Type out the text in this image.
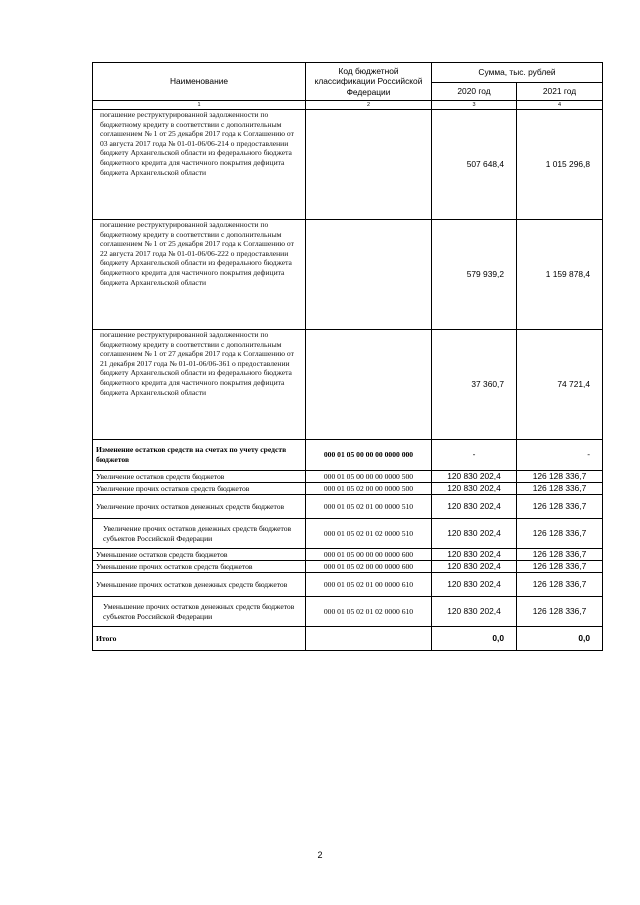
Наименование	Код бюджетной классификации Российской Федерации	Сумма, тыс. рублей	
		2020 год	2021 год
1	2	3	4
погашение реструктурированной задолженности по бюджетному кредиту в соответствии с дополнительным соглашением № 1 от 25 декабря 2017 года к Соглашению от 03 августа 2017 года № 01-01-06/06-214 о предоставлении бюджету Архангельской области из федерального бюджета бюджетного кредита для частичного покрытия дефицита бюджета Архангельской области		507 648,4	1 015 296,8
погашение реструктурированной задолженности по бюджетному кредиту в соответствии с дополнительным соглашением № 1 от 25 декабря 2017 года к Соглашению от 22 августа 2017 года № 01-01-06/06-222 о предоставлении бюджету Архангельской области из федерального бюджета бюджетного кредита для частичного покрытия дефицита бюджета Архангельской области		579 939,2	1 159 878,4
погашение реструктурированной задолженности по бюджетному кредиту в соответствии с дополнительным соглашением № 1 от 27 декабря 2017 года к Соглашению от 21 декабря 2017 года № 01-01-06/06-361 о предоставлении бюджету Архангельской области из федерального бюджета бюджетного кредита для частичного покрытия дефицита бюджета Архангельской области		37 360,7	74 721,4
Изменение остатков средств на счетах по учету средств бюджетов	000 01 05 00 00 00 0000 000	-	-
Увеличение остатков средств бюджетов	000 01 05 00 00 00 0000 500	120 830 202,4	126 128 336,7
Увеличение прочих остатков средств бюджетов	000 01 05 02 00 00 0000 500	120 830 202,4	126 128 336,7
Увеличение прочих остатков денежных средств бюджетов	000 01 05 02 01 00 0000 510	120 830 202,4	126 128 336,7
Увеличение прочих остатков денежных средств бюджетов субъектов Российской Федерации	000 01 05 02 01 02 0000 510	120 830 202,4	126 128 336,7
Уменьшение остатков средств бюджетов	000 01 05 00 00 00 0000 600	120 830 202,4	126 128 336,7
Уменьшение прочих остатков средств бюджетов	000 01 05 02 00 00 0000 600	120 830 202,4	126 128 336,7
Уменьшение прочих остатков денежных средств бюджетов	000 01 05 02 01 00 0000 610	120 830 202,4	126 128 336,7
Уменьшение прочих остатков денежных средств бюджетов субъектов Российской Федерации	000 01 05 02 01 02 0000 610	120 830 202,4	126 128 336,7
Итого		0,0	0,0
2
